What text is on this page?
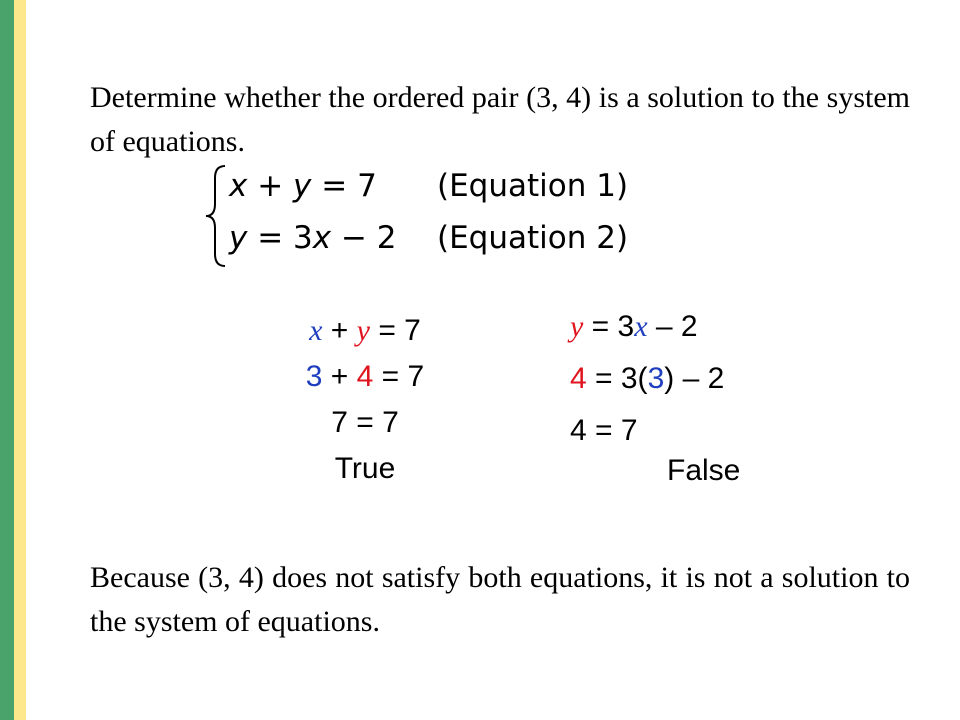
Determine whether the ordered pair (3, 4) is a solution to the system of equations.
x + y = 7 (Equation 1)
y = 3x − 2 (Equation 2)
x + y = 7
3 + 4 = 7
7 = 7
True
y = 3x – 2
4 = 3(3) – 2
4 = 7
False
Because (3, 4) does not satisfy both equations, it is not a solution to the system of equations.
